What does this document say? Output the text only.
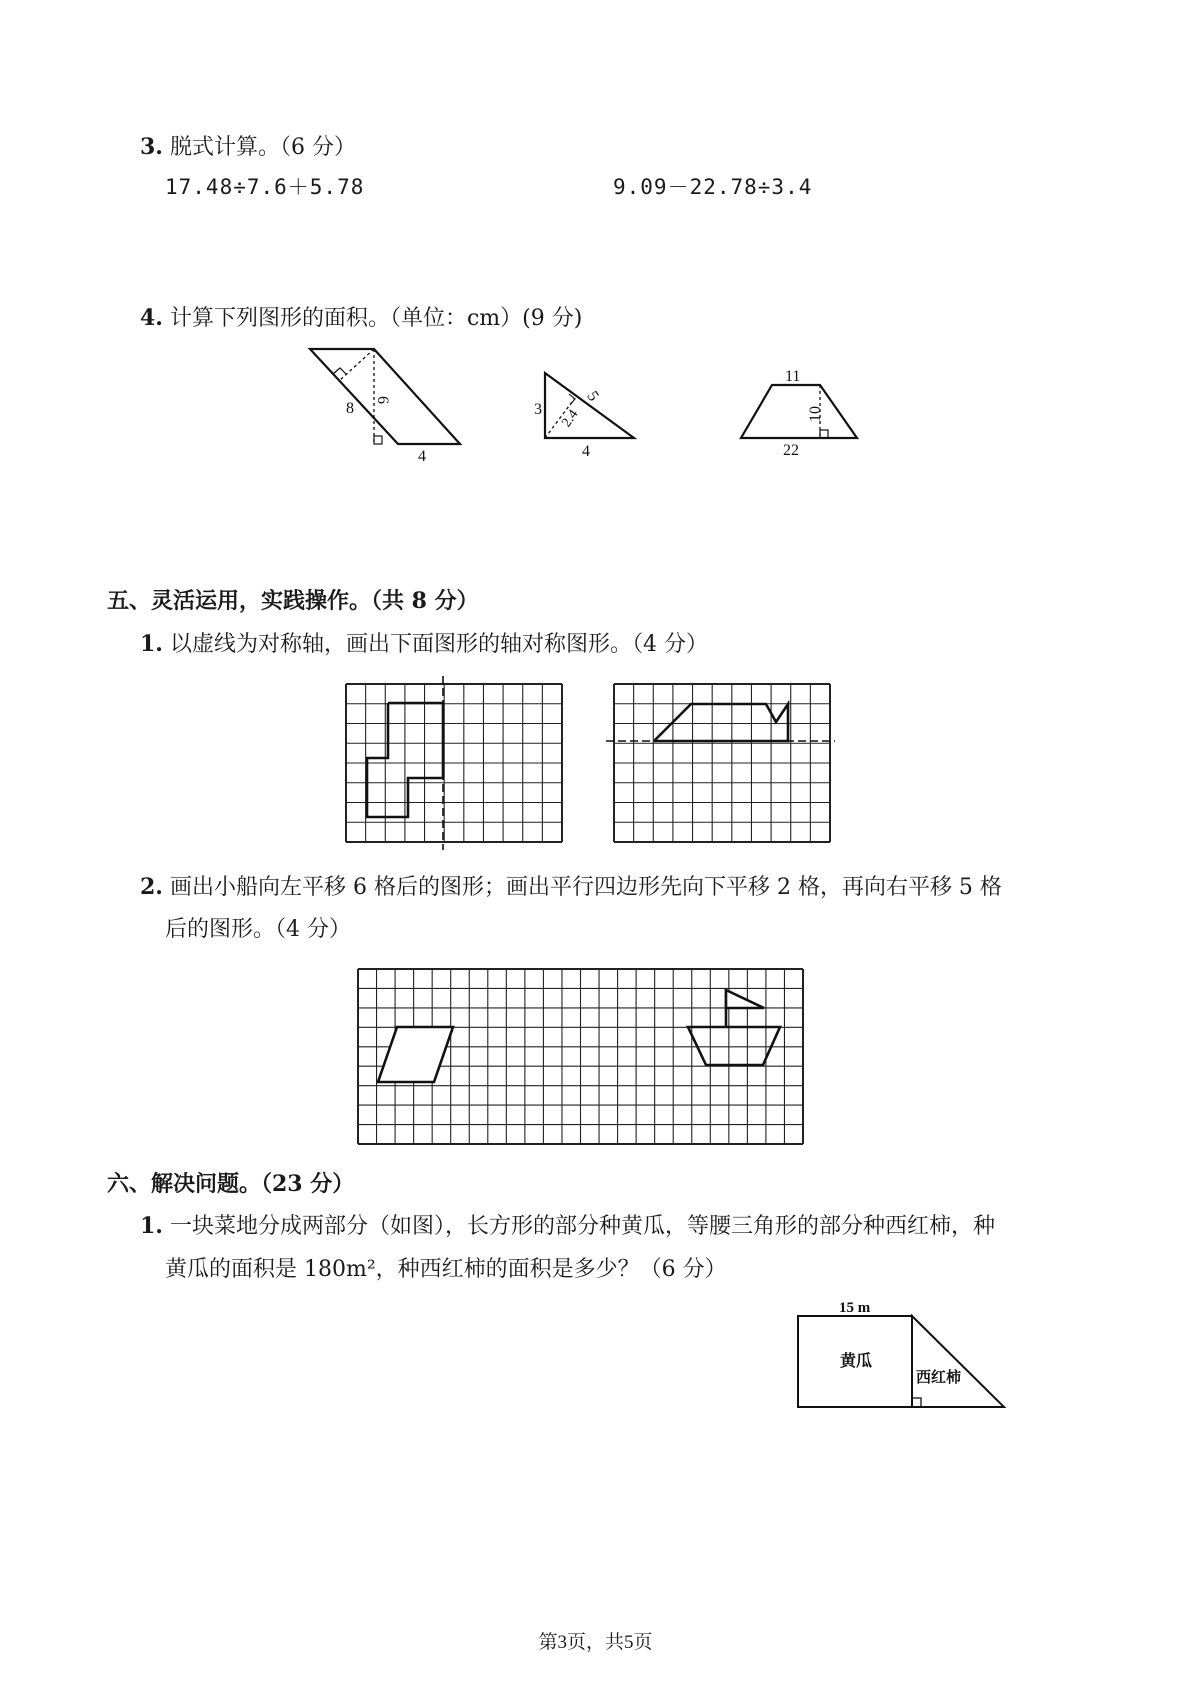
3. 脱式计算。（6 分）
17.48÷7.6＋5.78	9.09－22.78÷3.4
4. 计算下列图形的面积。（单位：cm）(9 分)
8 6
4
3
4
5
2.4
11
22
10
15 m
黄瓜
西红柿
五、灵活运用，实践操作。（共 8 分）
1. 以虚线为对称轴，画出下面图形的轴对称图形。（4 分）
2. 画出小船向左平移 6 格后的图形；画出平行四边形先向下平移 2 格，再向右平移 5 格
后的图形。（4 分）
六、解决问题。（23 分）
1. 一块菜地分成两部分（如图），长方形的部分种黄瓜，等腰三角形的部分种西红柿，种
黄瓜的面积是 180m²，种西红柿的面积是多少？（6 分）
第3页，共5页
